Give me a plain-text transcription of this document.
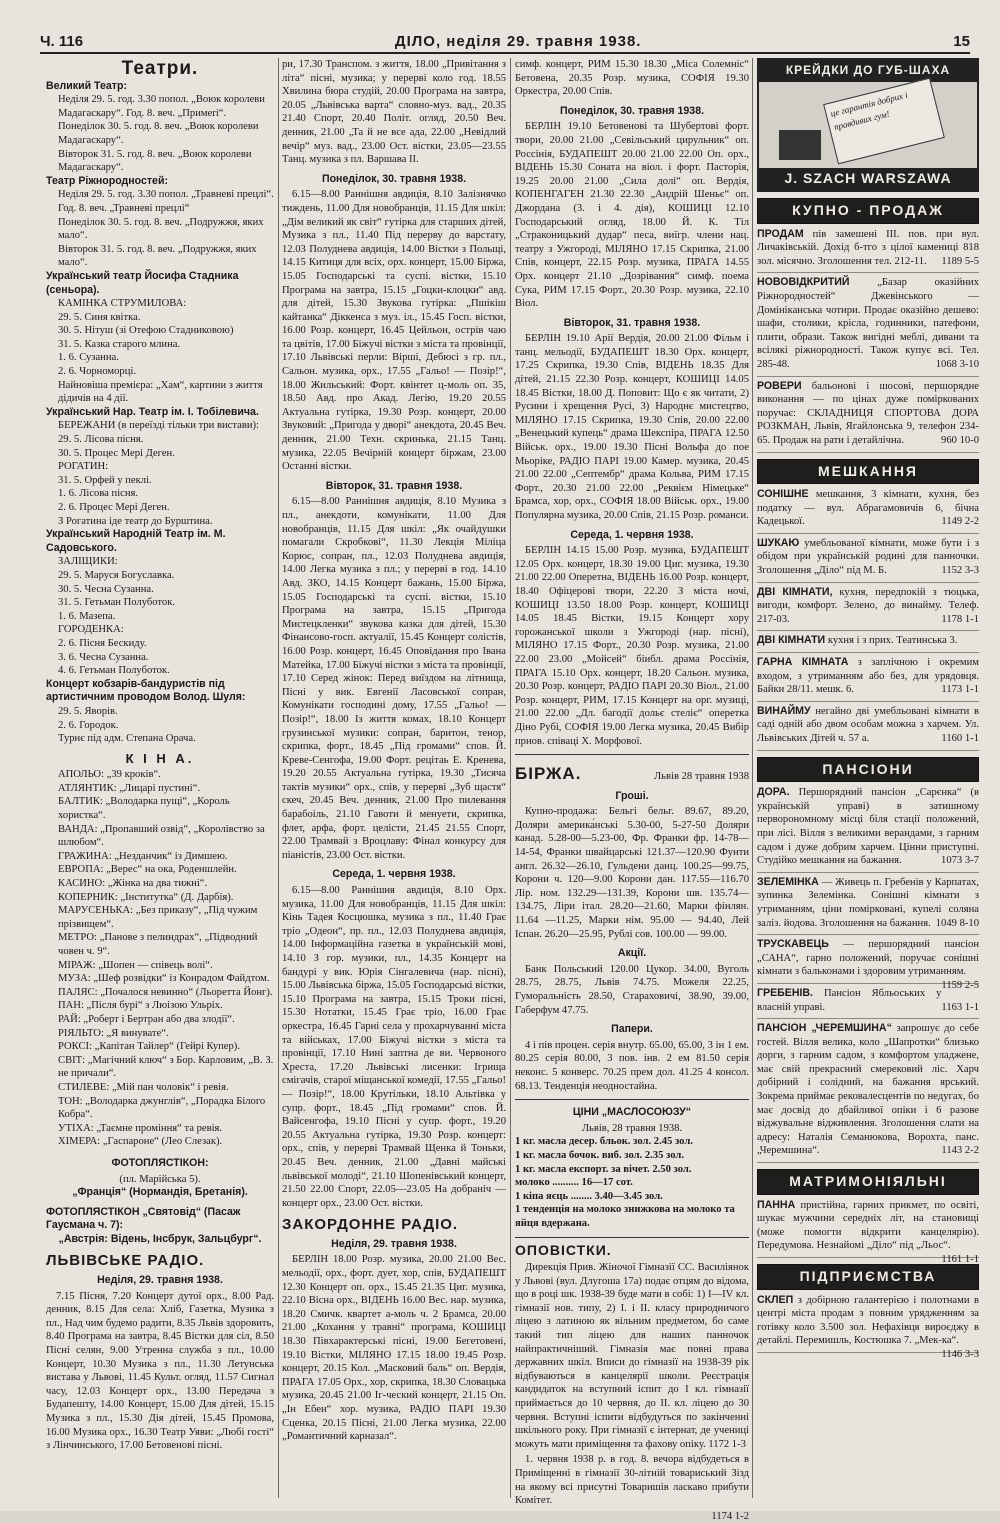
Ч. 116	ДІЛО, неділя 29. травня 1938.	15
Театри.
Великий Театр:
Неділя 29. 5. год. 3.30 попол. „Воюк королеви Мадагаскару“. Год. 8. веч. „Примеri“.
Понеділок 30. 5. год. 8. веч. „Воюк королеви Мадагаскару“.
Вівторок 31. 5. год. 8. веч. „Воюк королеви Мадагаскару“.
Театр Ріжнородностей:
Неділя 29. 5. год. 3.30 попол. „Травневі пpeцлi“. Год. 8. веч. „Травневі пpeцлi“
Понеділок 30. 5. год. 8. веч. „Подружжя, яких мало“.
Вівторок 31. 5. год. 8. веч. „Подружжя, яких мало“.
Український театр Йосифа Стадника (сеньора).
КАМІНКА СТРУМИЛОВА:
29. 5. Синя квітка.
30. 5. Нітуш (зі Отефою Стадниковою)
31. 5. Казка старого млина.
1. 6. Сузанна.
2. 6. Чорноморці.
Найновіша премієра: „Хам“, картини з життя дідичів на 4 дії.
Український Нар. Театр ім. І. Тобілевича.
БЕРЕЖАНИ (в переїзді тільки три вистави):
29. 5. Лісова пісня.
30. 5. Процес Мері Деген.
РОГАТИН:
31. 5. Орфей у пеклі.
1. 6. Лісова пісня.
2. 6. Процес Мері Деген.
З Рогатина іде театр до Бурштина.
Український Народній Театр ім. М. Садовського.
ЗАЛІЩИКИ:
29. 5. Маруся Богуславка.
30. 5. Чесна Сузанна.
31. 5. Гетьман Полуботок.
1. 6. Мазепа.
ГОРОДЕНКА:
2. 6. Пісня Бескиду.
3. 6. Чесна Сузанна.
4. 6. Гетьман Полуботок.
Концерт кобзарів-бандуристів під артистичним проводом Волод. Шуля:
29. 5. Яворів.
2. 6. Городок.
Турнє під адм. Степана Орача.
К І Н А.
АПОЛЬО: „39 кроків“.
АТЛЯНТИК: „Лицарі пустині“.
БАЛТИК: „Володарка пущі“, „Король хористка“.
ВАНДА: „Пропавший озвід“, „Королівство за шлюбом“.
ГРАЖИНА: „Незданчик“ із Димшею.
ЕВРОПА: „Верес“ на ока, Роденшлейн.
КАСИНО: „Жінка на два тижні“.
КОПЕРНИК: „Інститутка“ (Д. Дарбія).
МАРУСЕНЬКА: „Без приказу“, „Під чужим прізвищем“.
МЕТРО: „Панове з пелиндрах“, „Підводний човен ч. 9“.
МІРАЖ: „Шопен — співець волі“.
МУЗА: „Шеф розвідки“ із Конрадом Файдтом.
ПАЛЯС: „Почалося невинно“ (Льоретта Йонг).
ПАН: „Після бурі“ з Люізою Ульріх.
РАЙ: „Роберт і Бертран або два злодії“.
РІЯЛЬТО: „Я винувате“.
РОКСІ: „Капітан Тайлер“ (Гейрі Купер).
СВІТ: „Магічний ключ“ з Бор. Карловим, „В. З. не причали“.
СТИЛЕВЕ: „Мій пан чоловік“ і ревія.
ТОН: „Володарка джунглів“, „Порадка Білого Кобра“.
УТІХА: „Таємне проміння“ та ревія.
ХІМЕРА: „Гаспароне“ (Лео Слезак).
ФОТОПЛЯСТІКОН:
(пл. Марійська 5).
„Франція“ (Нормандія, Бретанія).
ФОТОПЛЯСТІКОН „Святовід“ (Пасаж Гаусмана ч. 7):
„Австрія: Відень, Інсбрук, Зальцбург“.
ЛЬВІВСЬКЕ РАДІО.
Неділя, 29. травня 1938.

7.15 Пісня, 7.20 Концерт дутої орх., 8.00 Рад. денник, 8.15 Для села: Хліб, Газетка, Музика з пл., Над чим будемо радити, 8.35 Львів здоровить, 8.40 Програма на завтра, 8.45 Вістки для сіл, 8.50 Пісні селян, 9.00 Утренна служба з пл., 10.00 Концерт, 10.30 Музика з пл., 11.30 Летунська вистава у Львові, 11.45 Культ. огляд, 11.57 Сигнал часу, 12.03 Концерт орх., 13.00 Передача з Будапешту, 14.00 Концерт, 15.00 Для дітей, 15.15 Музика з пл., 15.30 Дія дітей, 15.45 Промова, 16.00 Музика орх., 16.30 Театр Уяви: „Любі гості“ з Лінчинського, 17.00 Бетовенові пісні.

ри, 17.30 Транспом. з життя, 18.00 „Привітання з літа“ пісні, музика; у перерві коло год. 18.55 Хвилина бюра студій, 20.00 Програма на завтра, 20.05 „Львівська варта“ словно-муз. вад., 20.35 21.40 Спорт, 20.40 Політ. огляд, 20.50 Веч. денник, 21.00 „Та й не все ада, 22.00 „Невідлий вечір“ муз. вад., 23.00 Ост. вістки, 23.05—23.55 Танц. музика з пл. Варшава II.

Понеділок, 30. травня 1938.

6.15—8.00 Раннішня авдиція, 8.10 Залізнячко тиждень, 11.00 Для новобранців, 11.15 Для шкіл: „Дім великий як світ“ гутірка для старших дітей, Музика з пл., 11.40 Під перерву до варстату, 12.03 Полуднева авдиція, 14.00 Вістки з Польщі, 14.15 Китиця для всіх, орх. концерт, 15.00 Біржа, 15.05 Господарські та суспі. вістки, 15.10 Програма на завтра, 15.15 „Гоцки-клоцки“ авд. для дітей, 15.30 Звукова гутірка: „Пшікіш кайтанка“ Діккенса з муз. іл., 15.45 Госп. вістки, 16.00 Розр. концерт, 16.45 Цейльон, острів чаю та цвітів, 17.00 Біжучі вістки з міста та провінції, 17.10 Львівські перли: Вірші, Дебюсі з гр. пл., Сальон. музика, орх., 17.55 „Гальо! — Позір!“, 18.00 Жильський: Форт. квінтет ц-моль оп. 35, 18.50 Авд. про Акад. Легію, 19.20 20.55 Актуальна гутірка, 19.30 Розр. концерт, 20.00 Звуковий: „Пригода у дворі“ анекдота, 20.45 Веч. денник, 21.00 Техн. скринька, 21.15 Танц. музика, 22.05 Вечірній концерт біржам, 23.00 Останні вістки.

Вівторок, 31. травня 1938.

6.15—8.00 Раннішня авдиція, 8.10 Музика з пл., анекдоти, комунікати, 11.00 Для новобранців, 11.15 Для шкіл: „Як очайдушки помагали Скробкові“, 11.30 Лекція Міліца Корюс, сопран, пл., 12.03 Полуднева авдиція, 14.00 Легка музика з пл.; у перерві в год. 14.10 Авд. ЗКО, 14.15 Концерт бажань, 15.00 Біржа, 15.05 Господарські та суспі. вістки, 15.10 Програма на завтра, 15.15 „Пригода Мистецкленки“ звукова казка для дітей, 15.30 Фінансово-госп. актуалії, 15.45 Концерт солістів, 16.00 Розр. концерт, 16.45 Оповідання про Івана Матейка, 17.00 Біжучі вістки з міста та провінції, 17.10 Серед жінок: Перед виїздом на літнища, Пісні у вик. Евгенії Ласовської сопран, Комунікати господині дому, 17.55 „Гальо! — Позір!“, 18.00 Із життя комах, 18.10 Концерт грузинської музики: сопран, баритон, тенор, скрипка, форт., 18.45 „Під громами“ спов. Й. Креве-Сенгофа, 19.00 Форт. рецітаь Е. Кренева, 19.20 20.55 Актуальна гутірка, 19.30 „Тисяча тактів музики“ орх., спів, у перерві „Зуб щастя“ скеч, 20.45 Веч. денник, 21.00 Про пилевання барабоіль, 21.10 Гавоти й менуети, скрипка, флет, арфа, форт. целісти, 21.45 21.55 Спорт, 22.00 Трамвай з Вроцлаву: Фінал конкурсу для піаністів, 23.00 Ост. вістки.

Середа, 1. червня 1938.

6.15—8.00 Раннішня авдиція, 8.10 Орх. музика, 11.00 Для новобранців, 11.15 Для шкіл: Кінь Тадея Косцюшка, музика з пл., 11.40 Грає тріо „Одеон“, пр. пл., 12.03 Полуднева авдиція, 14.00 Інформаційна газетка в українській мові, 14.10 З гор. музики, пл., 14.35 Концерт на бандурі у вик. Юрія Сінгалевича (нар. пісні), 15.00 Львівська біржа, 15.05 Господарські вістки, 15.10 Програма на завтра, 15.15 Троки пісні, 15.30 Нотатки, 15.45 Грає тріо, 16.00 Грає оркестра, 16.45 Гарні села у прохарчуванні міста та військах, 17.00 Біжучі вістки з міста та провінції, 17.10 Нині заптна де ви. Червоного Хреста, 17.20 Львівські лисенки: Ігрища смігачів, старої міщанської комедії, 17.55 „Гальо! — Позір!“, 18.00 Крутільки, 18.10 Альтівка у супр. форт., 18.45 „Під громами“ спов. Й. Вайсенгофа, 19.10 Пісні у супр. форт., 19.20 20.55 Актуальна гутірка, 19.30 Розр. концерт: орх., спів, у перерві Трамвай Щенка й Тоньки, 20.45 Веч. денник, 21.00 „Давні майські львівської молоді“, 21.10 Шопенівський концерт, 21.50 22.00 Спорт, 22.05—23.05 На добраніч — концерт орх., 23.00 Ост. вістки.

ЗАКОРДОННЕ РАДІО.
Неділя, 29. травня 1938.

БЕРЛІН 18.00 Розр. музика, 20.00 21.00 Вес. мельодії, орх., форт. дует, хор, спів, БУДАПЕШТ 12.30 Концерт оп. орх., 15.45 21.35 Циг. музика, 22.10 Вісна орх., ВІДЕНЬ 16.00 Вес. нар. музика, 18.20 Смичк. квартет а-моль ч. 2 Брамса, 20.00 21.00 „Кохання у травні“ програма, КОШИЦІ 18.30 Півхарактерські пісні, 19.00 Бегетовені, 19.10 Вістки, МІЛЯНО 17.15 18.00 19.45 Розр. концерт, 20.15 Кол. „Масковий баль“ оп. Вердія, ПРАГА 17.05 Орх., хор, скрипка, 18.30 Словацька музика, 20.45 21.00 Іг-ческий концерт, 21.15 Оп. „Ін Ебен“ хор. музика, РАДІО ПАРІ 19.30 Сценка, 20.15 Пісні, 21.00 Легка музика, 22.00 „Романтичний карназал“.

симф. концерт, РИМ 15.30 18.30 „Міса Солемніс“ Бетовена, 20.35 Розр. музика, СОФІЯ 19.30 Оркестра, 20.00 Спів.

Понеділок, 30. травня 1938.

БЕРЛІН 19.10 Бетовенові та Шубертові форт. твори, 20.00 21.00 „Севільський цирульник“ оп. Россінія, БУДАПЕШТ 20.00 21.00 22.00 Оп. орх., ВІДЕНЬ 15.30 Соната на віол. і форт. Пасторія, 19.25 20.00 21.00 „Сила долі“ оп. Вердія, КОПЕНГАГЕН 21.30 22.30 „Андрій Шеньє“ оп. Джордана (3. і 4. дія), КОШИЦІ 12.10 Господарський огляд, 18.00 Й. К. Тіл „Страконицький дудар“ песа, виїгр. члени нац. театру з Ужгороді, МІЛЯНО 17.15 Скрипка, 21.00 Спів, концерт, 22.15 Розр. музика, ПРАГА 14.55 Орх. концерт 21.10 „Дозрівання“ симф. поема Сука, РИМ 17.15 Форт., 20.30 Розр. музика, 22.10 Віол.

Вівторок, 31. травня 1938.

БЕРЛІН 19.10 Арії Вердія, 20.00 21.00 Фільм і танц. мельодії, БУДАПЕШТ 18.30 Орх. концерт, 17.25 Скрипка, 19.30 Спів, ВІДЕНЬ 18.35 Для дітей, 21.15 22.30 Розр. концерт, КОШИЦІ 14.05 18.45 Вістки, 18.00 Д. Поповит: Що є як читати, 2) Русини і хрещення Русі, 3) Народнє мистецтво, МІЛЯНО 17.15 Скрипка, 19.30 Спів, 20.00 22.00 „Венецький купець“ драма Шекспіра, ПРАГА 12.50 Військ. орх., 19.00 19.30 Пісні Вольфа до пое Мьоріке, РАДІО ПАРІ 19.00 Камер. музика, 20.45 21.00 22.00 „Септембр“ драма Кольва, РИМ 17.15 Форт., 20.30 21.00 22.00 „Реквієм Німецьке“ Брамса, хор, орх., СОФІЯ 18.00 Військ. орх., 19.00 Популярна музика, 20.00 Спів, 21.15 Розр. романси.

Середа, 1. червня 1938.

БЕРЛІН 14.15 15.00 Розр. музика, БУДАПЕШТ 12.05 Орх. концерт, 18.30 19.00 Циг. музика, 19.30 21.00 22.00 Оперетна, ВІДЕНЬ 16.00 Розр. концерт, 18.40 Офіцерові твори, 22.20 З міста ночі, КОШИЦІ 13.50 18.00 Розр. концерт, КОШИЦІ 14.05 18.45 Вістки, 19.15 Концерт хору горожанської школи з Ужгороді (нар. пісні), МІЛЯНО 17.15 Форт., 20.30 Розр. музика, 21.00 22.00 23.00 „Мойсей“ біибл. драма Россінія, ПРАГА 15.10 Орх. концерт, 18.20 Сальон. музика, 20.30 Розр. концерт, РАДІО ПАРІ 20.30 Віол., 21.00 Розр. концерт, РИМ, 17.15 Концерт на орг. музиці, 21.00 22.00 „Дл. багодії дольє стеліє“ оперетка Діно Рубі, СОФІЯ 19.00 Легка музика, 20.45 Вибір прнов. співаці Х. Морфової.

БІРЖА.	Львів 28 травня 1938
Гроші.

Купно-продажа: Бельгі бельг. 89.67, 89.20, Доляри америка́нські 5.30-00, 5-27-50 Доляри канад. 5.28-00—5.23-00, Фр. Франки фр. 14-78—14-54, Франки швайцарські 121.37—120.90 Фунти англ. 26.32—26.10, Гульдени данц. 100.25—99.75, Корони ч. 120—9.00 Корони дан. 117.55—116.70 Лір. ном. 132.29—131.39, Корони шв. 135.74—134.75, Ліри італ. 28.20—21.60, Марки фінлян. 11.64 —11.25, Марки нім. 95.00 — 94.40, Лей Іспан. 26.20—25.95, Рублі сов. 100.00 — 99.00.

Акції.

Банк Польський 120.00 Цукор. 34.00, Вуголь 28.75, 28.75, Львів 74.75. Можеля 22.25, Гуморальність 28.50, Стараховичі, 38.90, 39.00, Габерфум 47.75.

Папери.

4 і пів процен. серія внутр. 65.00, 65.00, 3 ін 1 ем. 80.25 серія 80.00, 3 пов. інв. 2 ем 81.50 серія неконс. 5 конверс. 70.25 прем дол. 41.25 4 консол. 68.13. Тенденція неодностайна.

ЦІНИ „МАСЛОСОЮЗУ“
Львів, 28 травня 1938.
1 кг. масла десер. бльок. зол. 2.45 зол.
1 кг. масла бочок. виб. зол. 2.35 зол.
1 кг. масла експорт. за вічет. 2.50 зол.
молоко .......... 16—17 сот.
1 кіпа яєць ........ 3.40—3.45 зол.
1 тенденція на молоко знижкова на молоко та яйця вдержана.
ОПОВІСТКИ.

Дирекція Прив. Жіночої Гімназії СС. Василіянок у Львові (вул. Длугоша 17а) подає отцям до відома, що в році шк. 1938-39 буде мати в собі: 1) I—IV кл. гімназії нов. типу, 2) І. і ІІ. класу природничого ліцею з латиною як вільним предметом, бо саме такий тип ліцею для наших панночок найпрактичніший. Гімназія має повні права державних шкіл. Вписи до гімназії на 1938-39 рік відбуваються в канцелярії школи. Реєстрація кандидаток на вступний іспит до І кл. гімназії приймається до 10 червня, до ІІ. кл. ліцею до 30 червня. Вступні іспити відбудуться по закінченні шкільного року. При гімназії є інтернат, де учениці можуть мати приміщення та фахову опіку. 1172 1-3

1. червня 1938 р. в год. 8. вечора відбудеться в Приміщенні в гімназії 30-літній товариський Зізд на якому всі присутні Товаришів ласкаво прибути Комітет.

1174 1-2
КРЕЙДКИ ДО ГУБ-ШАХА
це гарантія добрих і правдивих гум!
J. SZACH WARSZAWA
КУПНО - ПРОДАЖ

ПРОДАМ пів замешенi ІІІ. пов. при вул. Личаківській. Дохід б-тго з цілої камениці 818 зол. місячно. Зголошення тел. 212-11. 1189 5-5

НОВОВІДКРИТИЙ „Базар оказійних Ріжнородностей“ Джевінського — Домініканська чотири. Продає оказійно дешево: шафи, столики, крісла, годинники, патефони, плити, образи. Також вигідні меблі, дивани та всілякі ріжнородності. Також купує всі. Тел. 285-48.	1068 3-10

РОВЕРИ бальонові і шосові, першорядне виконання — по цінах дуже помірковaних поручає: СКЛАДНИЦЯ СПОРТОВА ДОРА РОЗКМАН, Львів, Ягайлонська 9, телефон 234-65. Продаж на рати і детайлічна.	960 10-0

МЕШКАННЯ

СОНІШНЕ мешкання, 3 кімнати, кухня, без податку — вул. Абрагамовичів 6, бічна Кадецької.	1149 2-2

ШУКАЮ умебльованої кімнати, може бути і з обідом при українській родині для панночки. Зголошення „Діло“ під М. Б.	1152 3-3

ДВІ КІМНАТИ, кухня, передпокій з тюцька, вигоди, комфорт. Зелено, до винайму. Телеф. 217-03.	1178 1-1

ДВІ КІМНАТИ кухня і з прих. Театинська 3.

ГАРНА КІМНАТА з заплічною і окремим входом, з утриманням або без, для урядовця. Байки 28/11. мешк. 6.	1173 1-1

ВИНАЙМУ негайно дві умебльовані кімнати в саді одній або двом особам можна з харчем. Ул. Львівських Дітей ч. 57 а.	1160 1-1

ПАНСІОНИ

ДОРА. Першорядний пансіон „Сарєнка“ (в українській управі) в затишному перворономному місці біля стації положений, при лісі. Вілля з великими верандами, з гарним садом і дуже добрим харчем. Цінни приступні. Студійко мешкання на бажання.	1073 3-7

ЗЕЛЕМІНКА — Живець п. Гребенів у Карпатах, зупинка Зелемінка. Сонішні кімнати з утриманням, ціни помірковані, купелі соляна заліз. йодова. Зголошення на бажання. 1049 8-10

ТРУСКАВЕЦЬ — першорядний пансіон „САНА“, гарно положений, поручає сонішні кімнати з бальконами і здоровим утриманням.
1159 2-5

ГРЕБЕНІВ. Пансіон Ябльоських у власній управі.	1163 1-1

ПАНСІОН „ЧЕРЕМШИНА“ запрошує до себе гостей. Вілля велика, коло „Шапротки“ близько дорги, з гарним садом, з комфортом уладжене, має свій прекрасний смерековий ліс. Харч добірний і солідний, на бажання ярський. Зокрема приймає рековалесцентів по недугах, бо має досвід до дбайливої опіки і 6 разове віджувальне відживлення. Зголошення слати на адресу: Наталія Семанюкова, Ворохта, панс. „Черемшина“.	1143 2-2

МАТРИМОНІЯЛЬНІ

ПАННА пристійна, гарних прикмет, по освіті, шукає мужчини середніх літ, на становищі (може помогти відкрити канцелярію). Передумова. Незнайомі „Діло“ під „Льос“.
1161 1-1

ПІДПРИЄМСТВА

СКЛЕП з добірною галантерією і полотнами в центрі міста продам з повним урядженням за готівку коло 3.500 зол. Нефахівця вироєджу в детайлі. Перемишль, Костюшка 7. „Мек-ка“.
1146 3-3
